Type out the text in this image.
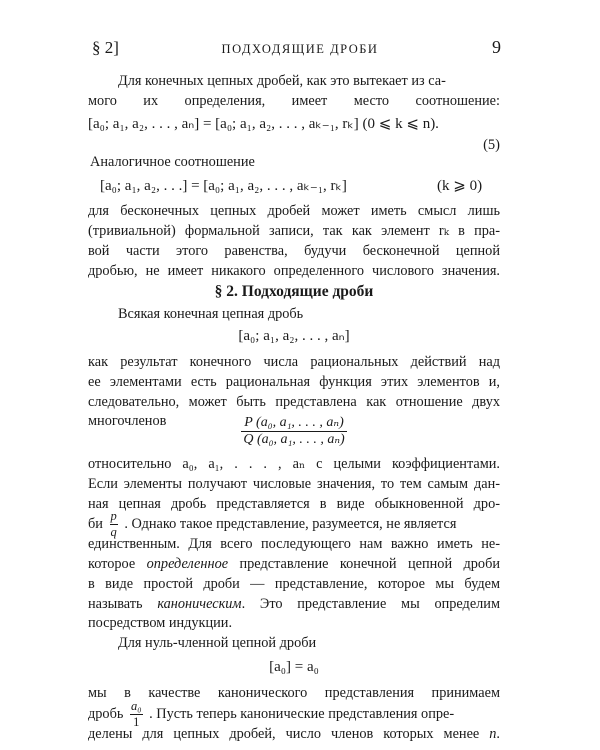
§ 2]	ПОДХОДЯЩИЕ ДРОБИ	9
Для конечных цепных дробей, как это вытекает из са-
мого их определения, имеет место соотношение:
[a₀; a₁, a₂, . . . , aₙ] = [a₀; a₁, a₂, . . . , aₖ₋₁, rₖ] (0 ⩽ k ⩽ n).
(5)
Аналогичное соотношение
[a₀; a₁, a₂, . . .] = [a₀; a₁, a₂, . . . , aₖ₋₁, rₖ]	(k ⩾ 0)
для бесконечных цепных дробей может иметь смысл лишь
(тривиальной) формальной записи, так как элемент rₖ в пра-
вой части этого равенства, будучи бесконечной цепной
дробью, не имеет никакого определенного числового значения.
§ 2. Подходящие дроби
Всякая конечная цепная дробь
[a₀; a₁, a₂, . . . , aₙ]
как результат конечного числа рациональных действий над
ее элементами есть рациональная функция этих элементов и,
следовательно, может быть представлена как отношение двух
многочленов	$\frac{\text{P (a₀, a₁, . . . , aₙ)}}{\text{Q (a₀, a₁, . . . , aₙ)}}$
относительно a₀, a₁, . . . , aₙ с целыми коэффициентами.
Если элементы получают числовые значения, то тем самым дан-
ная цепная дробь представляется в виде обыкновенной дро-
би $\frac{p}{q}$ . Однако такое представление, разумеется, не является
единственным. Для всего последующего нам важно иметь не-
которое определенное представление конечной цепной дроби
в виде простой дроби — представление, которое мы будем
называть каноническим. Это представление мы определим
посредством индукции.
Для нуль-членной цепной дроби
[a₀] = a₀
мы в качестве канонического представления принимаем
дробь $\frac{\text{a₀}}{1}$ . Пусть теперь канонические представления опре-
делены для цепных дробей, число членов которых менее n.
